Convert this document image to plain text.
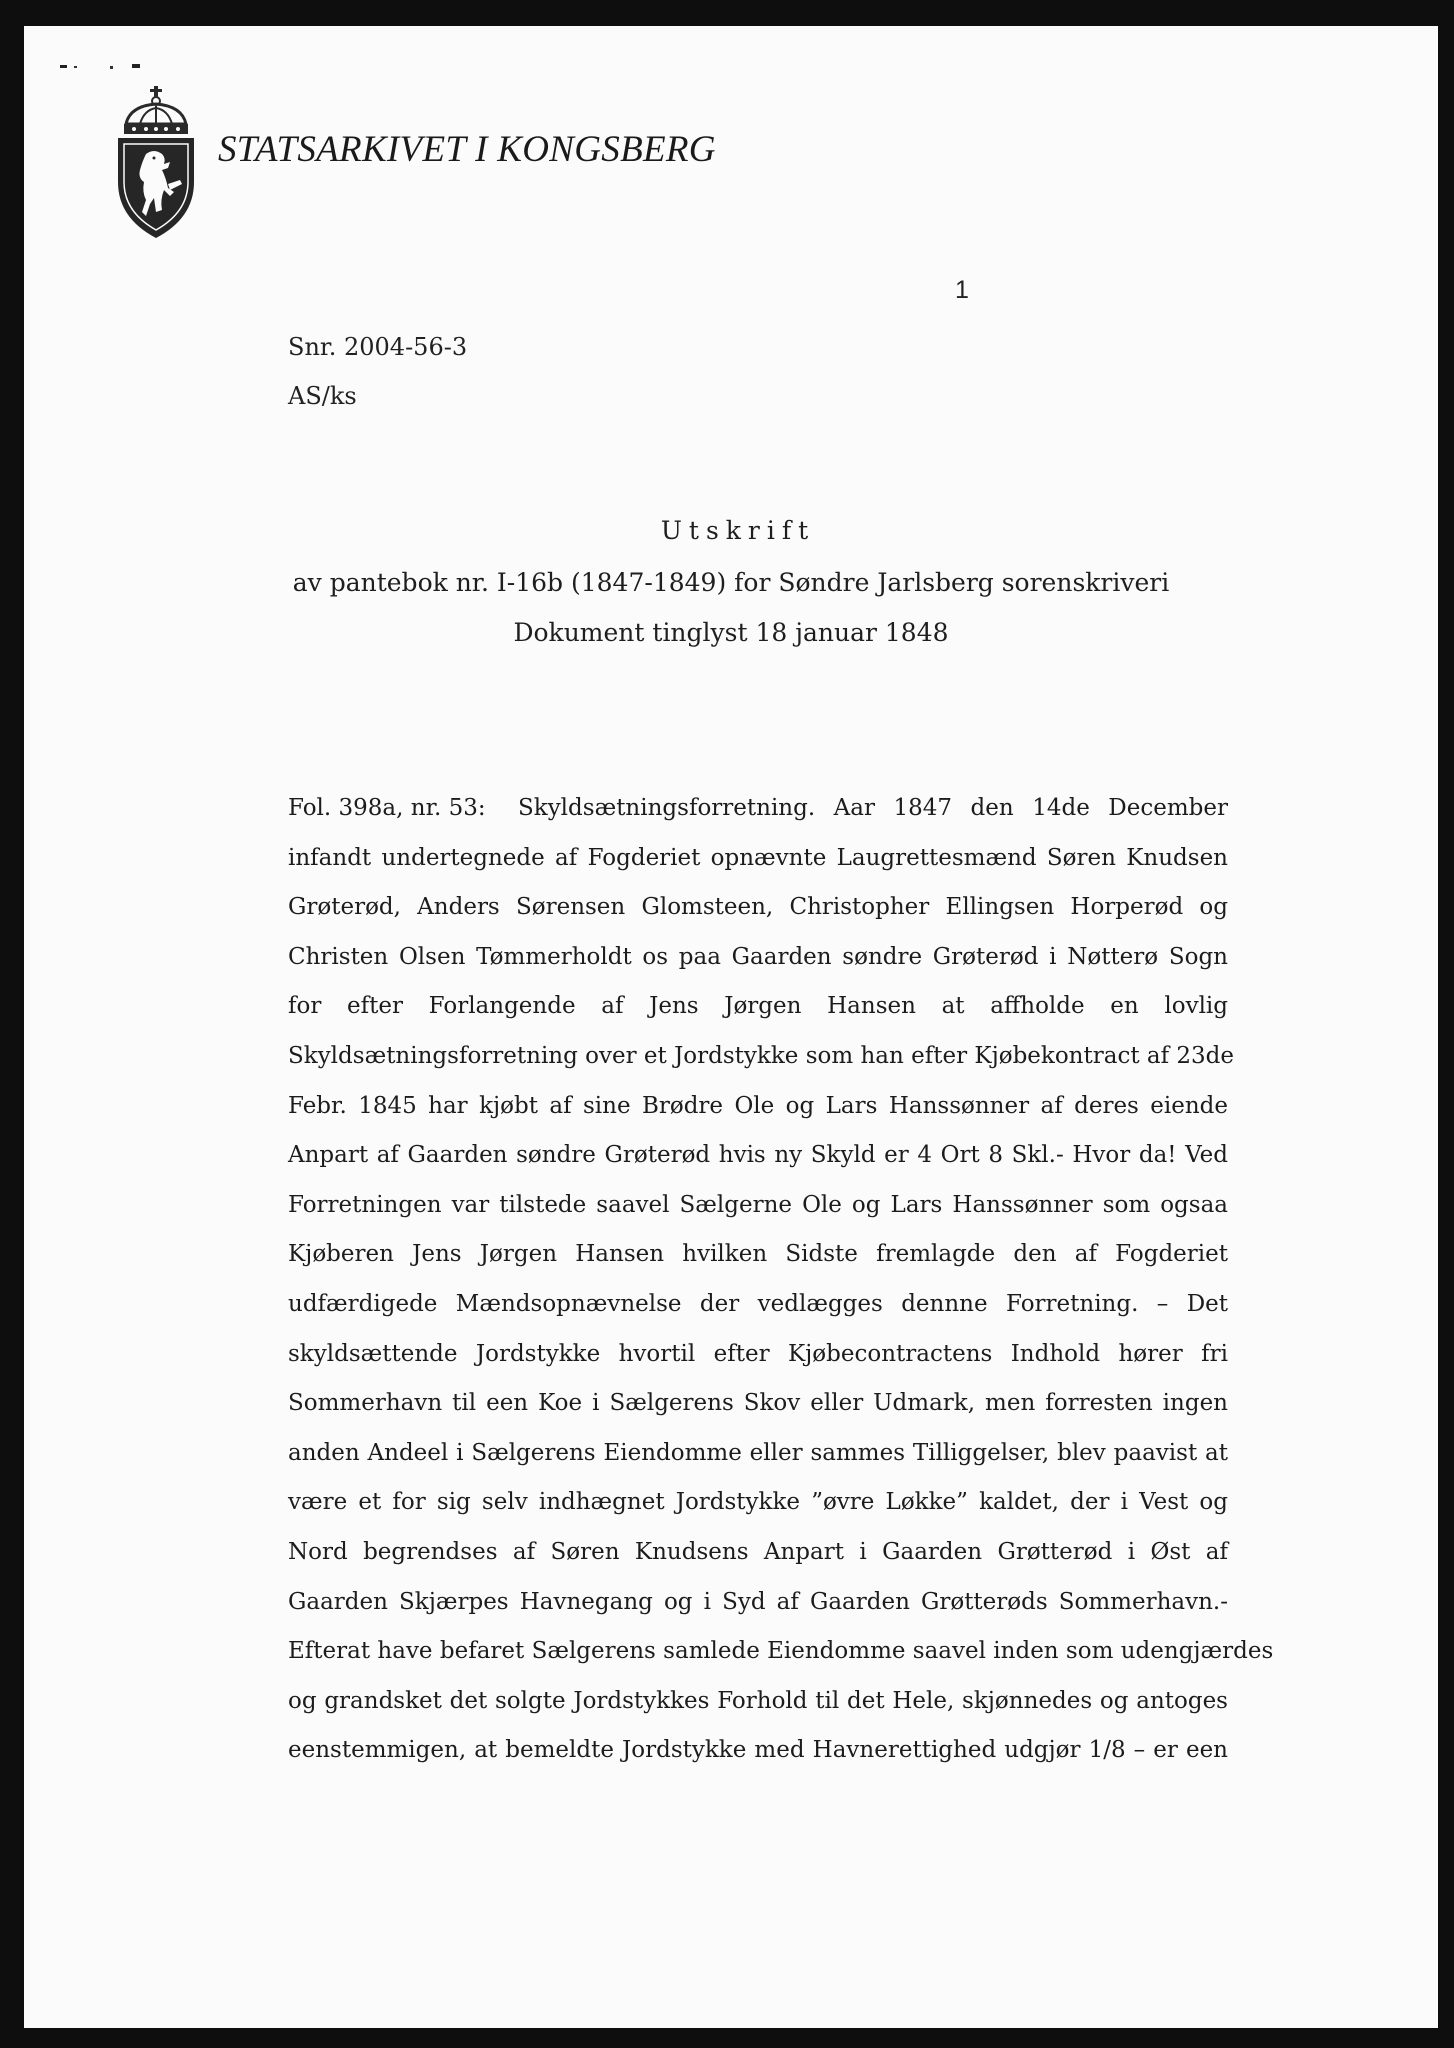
STATSARKIVET I KONGSBERG
1
Snr. 2004-56-3
AS/ks
Utskrift
av pantebok nr. I-16b (1847-1849) for Søndre Jarlsberg sorenskriveri
Dokument tinglyst 18 januar 1848
Fol. 398a, nr. 53: Skyldsætningsforretning. Aar 1847 den 14de December
infandt undertegnede af Fogderiet opnævnte Laugrettesmænd Søren Knudsen
Grøterød, Anders Sørensen Glomsteen, Christopher Ellingsen Horperød og
Christen Olsen Tømmerholdt os paa Gaarden søndre Grøterød i Nøtterø Sogn
for efter Forlangende af Jens Jørgen Hansen at affholde en lovlig
Skyldsætningsforretning over et Jordstykke som han efter Kjøbekontract af 23de
Febr. 1845 har kjøbt af sine Brødre Ole og Lars Hanssønner af deres eiende
Anpart af Gaarden søndre Grøterød hvis ny Skyld er 4 Ort 8 Skl.- Hvor da! Ved
Forretningen var tilstede saavel Sælgerne Ole og Lars Hanssønner som ogsaa
Kjøberen Jens Jørgen Hansen hvilken Sidste fremlagde den af Fogderiet
udfærdigede Mændsopnævnelse der vedlægges dennne Forretning. – Det
skyldsættende Jordstykke hvortil efter Kjøbecontractens Indhold hører fri
Sommerhavn til een Koe i Sælgerens Skov eller Udmark, men forresten ingen
anden Andeel i Sælgerens Eiendomme eller sammes Tilliggelser, blev paavist at
være et for sig selv indhægnet Jordstykke ”øvre Løkke” kaldet, der i Vest og
Nord begrendses af Søren Knudsens Anpart i Gaarden Grøtterød i Øst af
Gaarden Skjærpes Havnegang og i Syd af Gaarden Grøtterøds Sommerhavn.-
Efterat have befaret Sælgerens samlede Eiendomme saavel inden som udengjærdes
og grandsket det solgte Jordstykkes Forhold til det Hele, skjønnedes og antoges
eenstemmigen, at bemeldte Jordstykke med Havnerettighed udgjør 1/8 – er een
